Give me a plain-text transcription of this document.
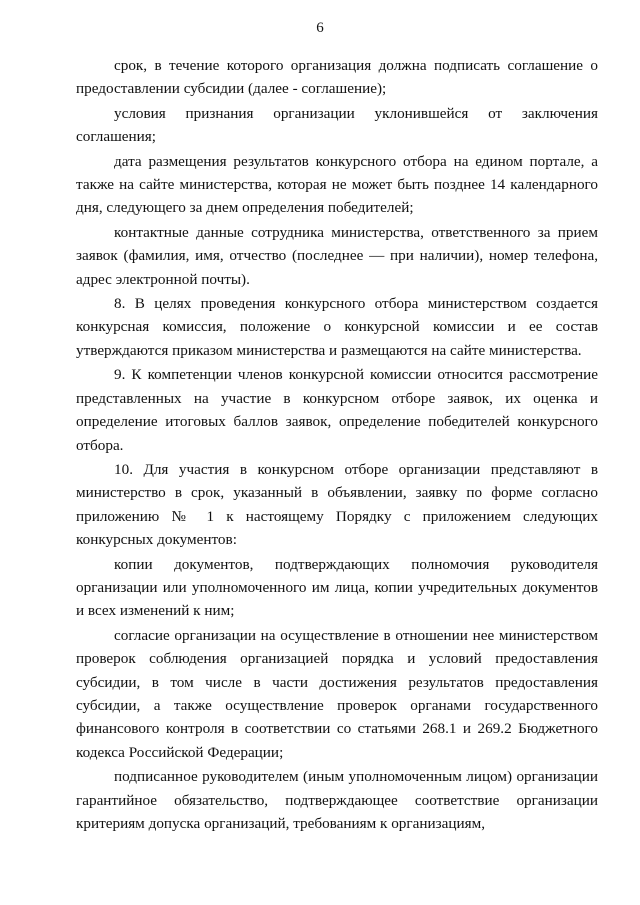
6

срок, в течение которого организация должна подписать соглашение о предоставлении субсидии (далее - соглашение);

условия признания организации уклонившейся от заключения соглашения;

дата размещения результатов конкурсного отбора на едином портале, а также на сайте министерства, которая не может быть позднее 14 календарного дня, следующего за днем определения победителей;

контактные данные сотрудника министерства, ответственного за прием заявок (фамилия, имя, отчество (последнее — при наличии), номер телефона, адрес электронной почты).

8. В целях проведения конкурсного отбора министерством создается конкурсная комиссия, положение о конкурсной комиссии и ее состав утверждаются приказом министерства и размещаются на сайте министерства.

9. К компетенции членов конкурсной комиссии относится рассмотрение представленных на участие в конкурсном отборе заявок, их оценка и определение итоговых баллов заявок, определение победителей конкурсного отбора.

10. Для участия в конкурсном отборе организации представляют в министерство в срок, указанный в объявлении, заявку по форме согласно приложению № 1 к настоящему Порядку с приложением следующих конкурсных документов:

копии документов, подтверждающих полномочия руководителя организации или уполномоченного им лица, копии учредительных документов и всех изменений к ним;

согласие организации на осуществление в отношении нее министерством проверок соблюдения организацией порядка и условий предоставления субсидии, в том числе в части достижения результатов предоставления субсидии, а также осуществление проверок органами государственного финансового контроля в соответствии со статьями 268.1 и 269.2 Бюджетного кодекса Российской Федерации;

подписанное руководителем (иным уполномоченным лицом) организации гарантийное обязательство, подтверждающее соответствие организации критериям допуска организаций, требованиям к организациям,
